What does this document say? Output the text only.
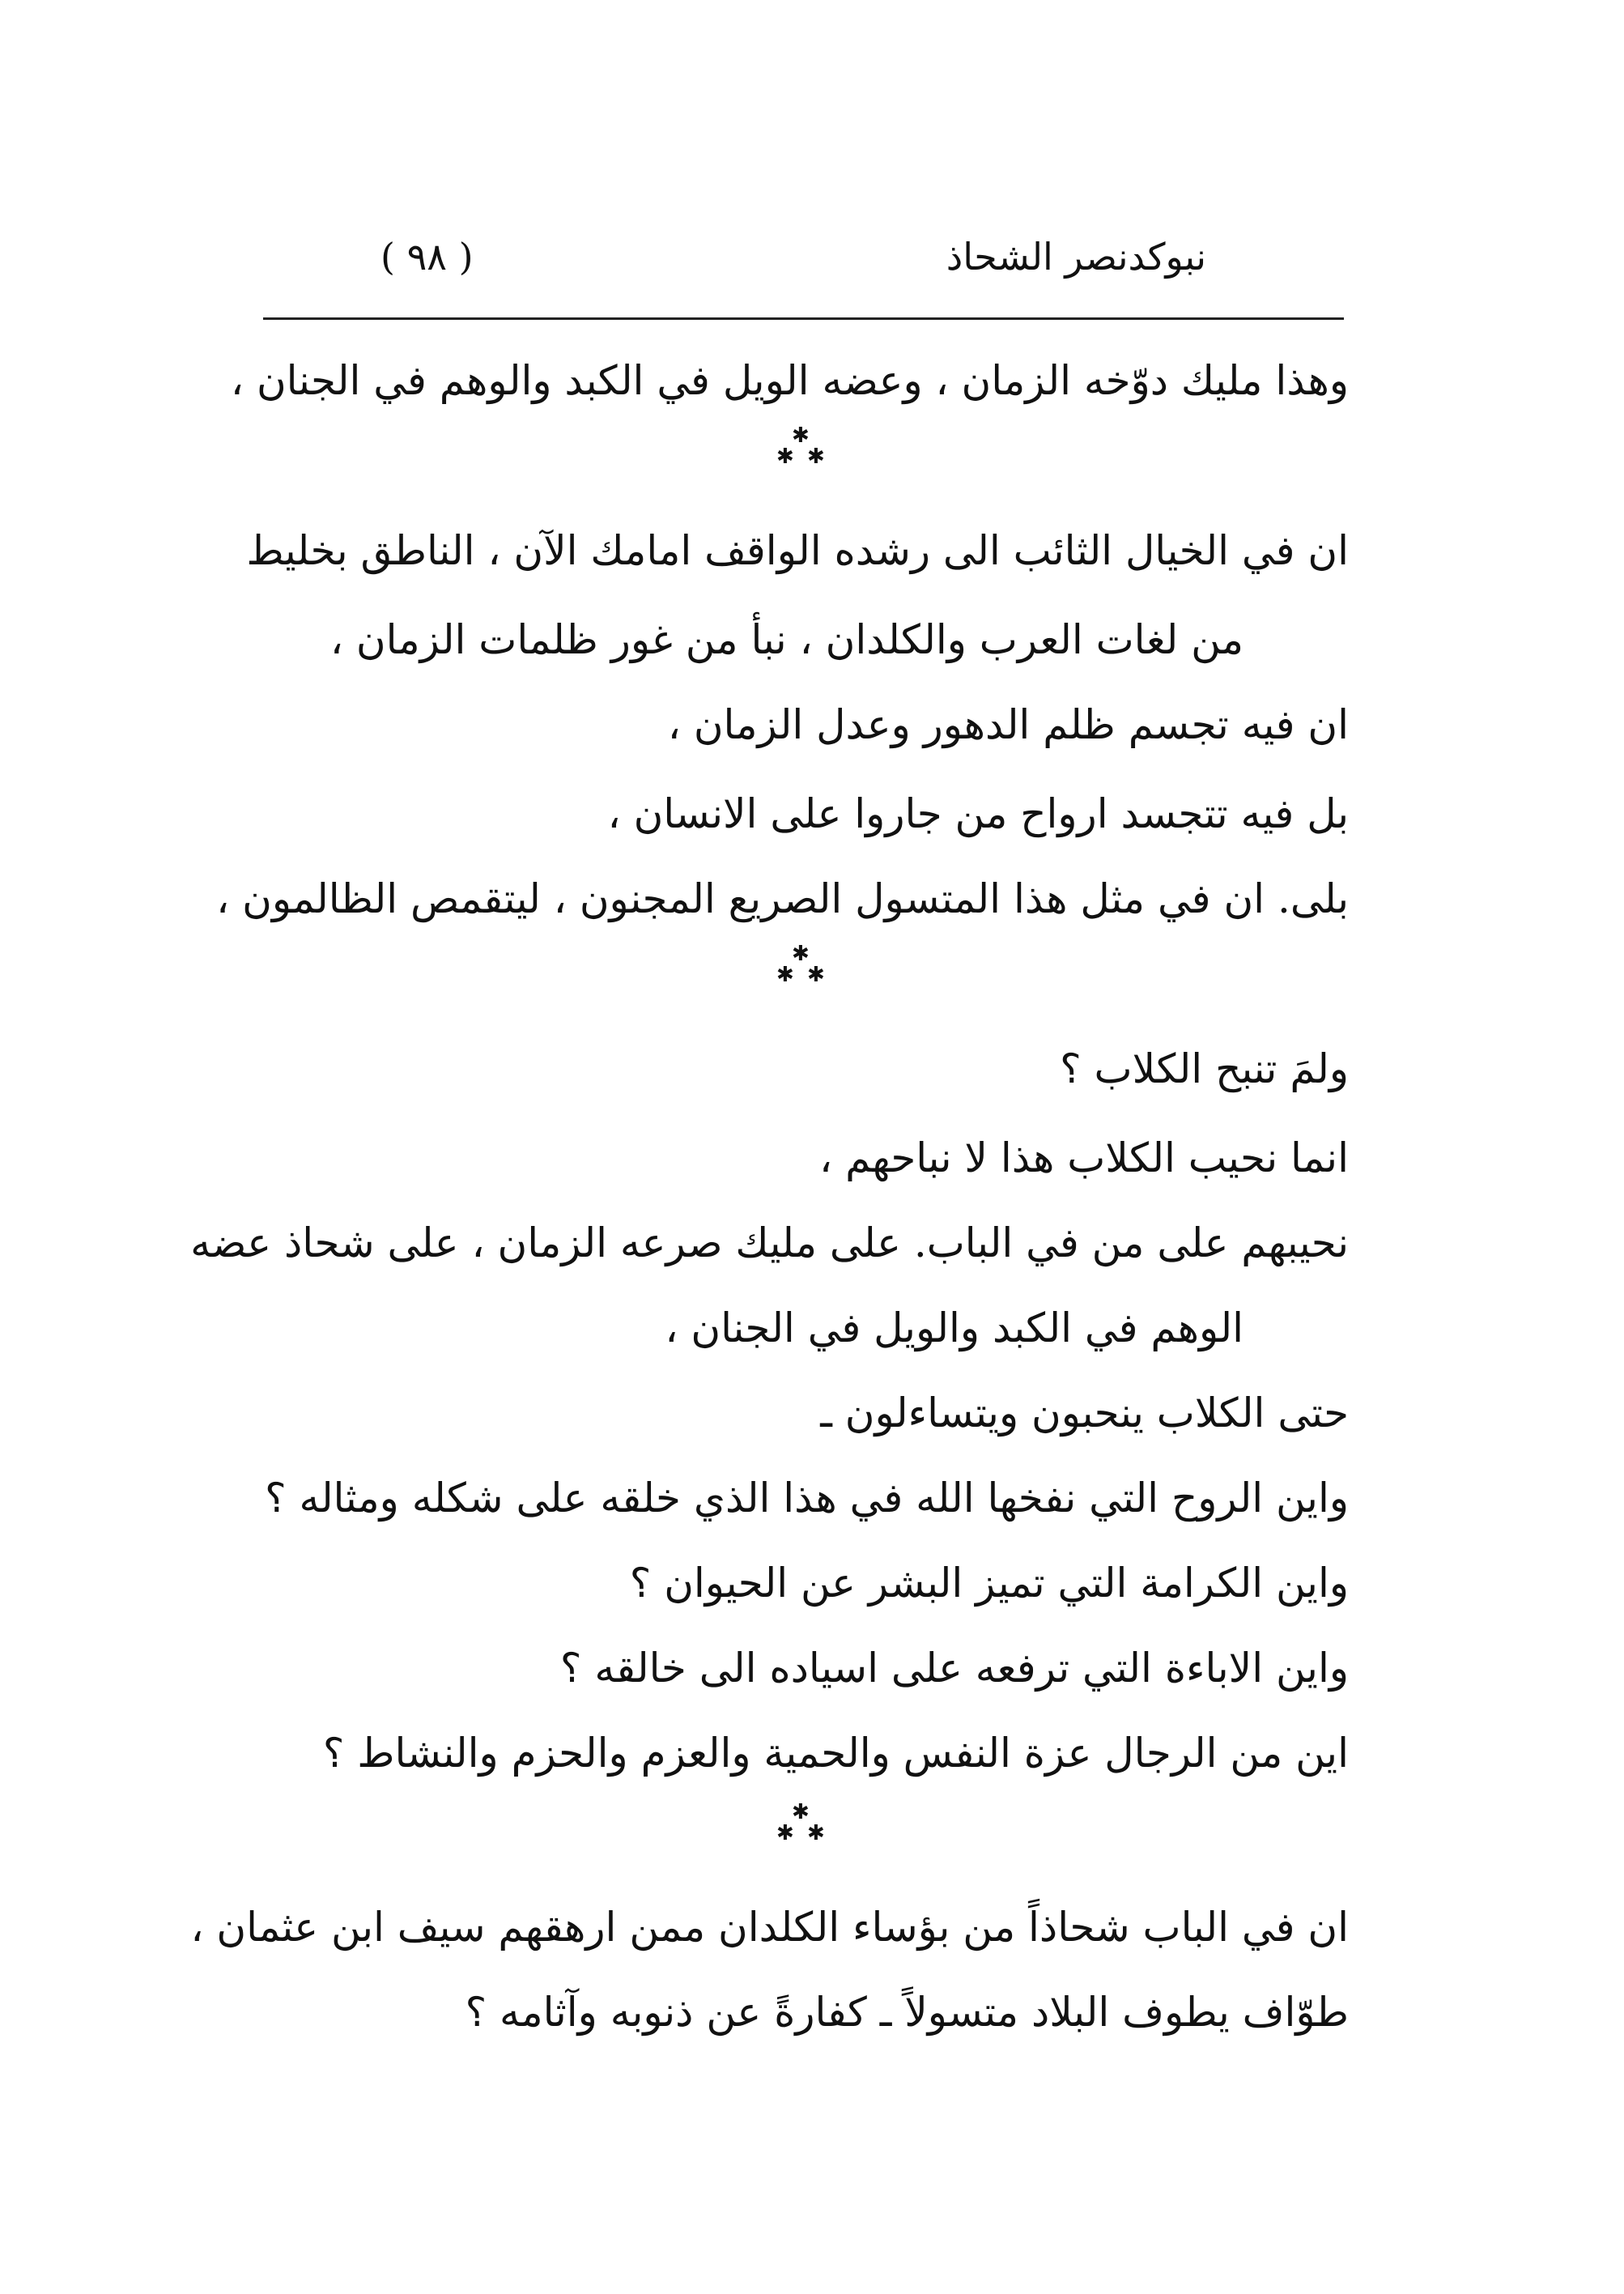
نبوكدنصر الشحاذ
( ٩٨ )
وهذا مليك دوّخه الزمان ، وعضه الويل في الكبد والوهم في الجنان ،
✱
✱ ✱
ان في الخيال الثائب الى رشده الواقف امامك الآن ، الناطق بخليط
من لغات العرب والكلدان ، نبأ من غور ظلمات الزمان ،
ان فيه تجسم ظلم الدهور وعدل الزمان ،
بل فيه تتجسد ارواح من جاروا على الانسان ،
بلى. ان في مثل هذا المتسول الصريع المجنون ، ليتقمص الظالمون ،
✱
✱ ✱
ولمَ تنبح الكلاب ؟
انما نحيب الكلاب هذا لا نباحهم ،
نحيبهم على من في الباب. على مليك صرعه الزمان ، على شحاذ عضه
الوهم في الكبد والويل في الجنان ،
حتى الكلاب ينحبون ويتساءلون ـ
واين الروح التي نفخها الله في هذا الذي خلقه على شكله ومثاله ؟
واين الكرامة التي تميز البشر عن الحيوان ؟
واين الاباءة التي ترفعه على اسياده الى خالقه ؟
اين من الرجال عزة النفس والحمية والعزم والحزم والنشاط ؟
✱
✱ ✱
ان في الباب شحاذاً من بؤساء الكلدان ممن ارهقهم سيف ابن عثمان ،
طوّاف يطوف البلاد متسولاً ـ كفارةً عن ذنوبه وآثامه ؟
